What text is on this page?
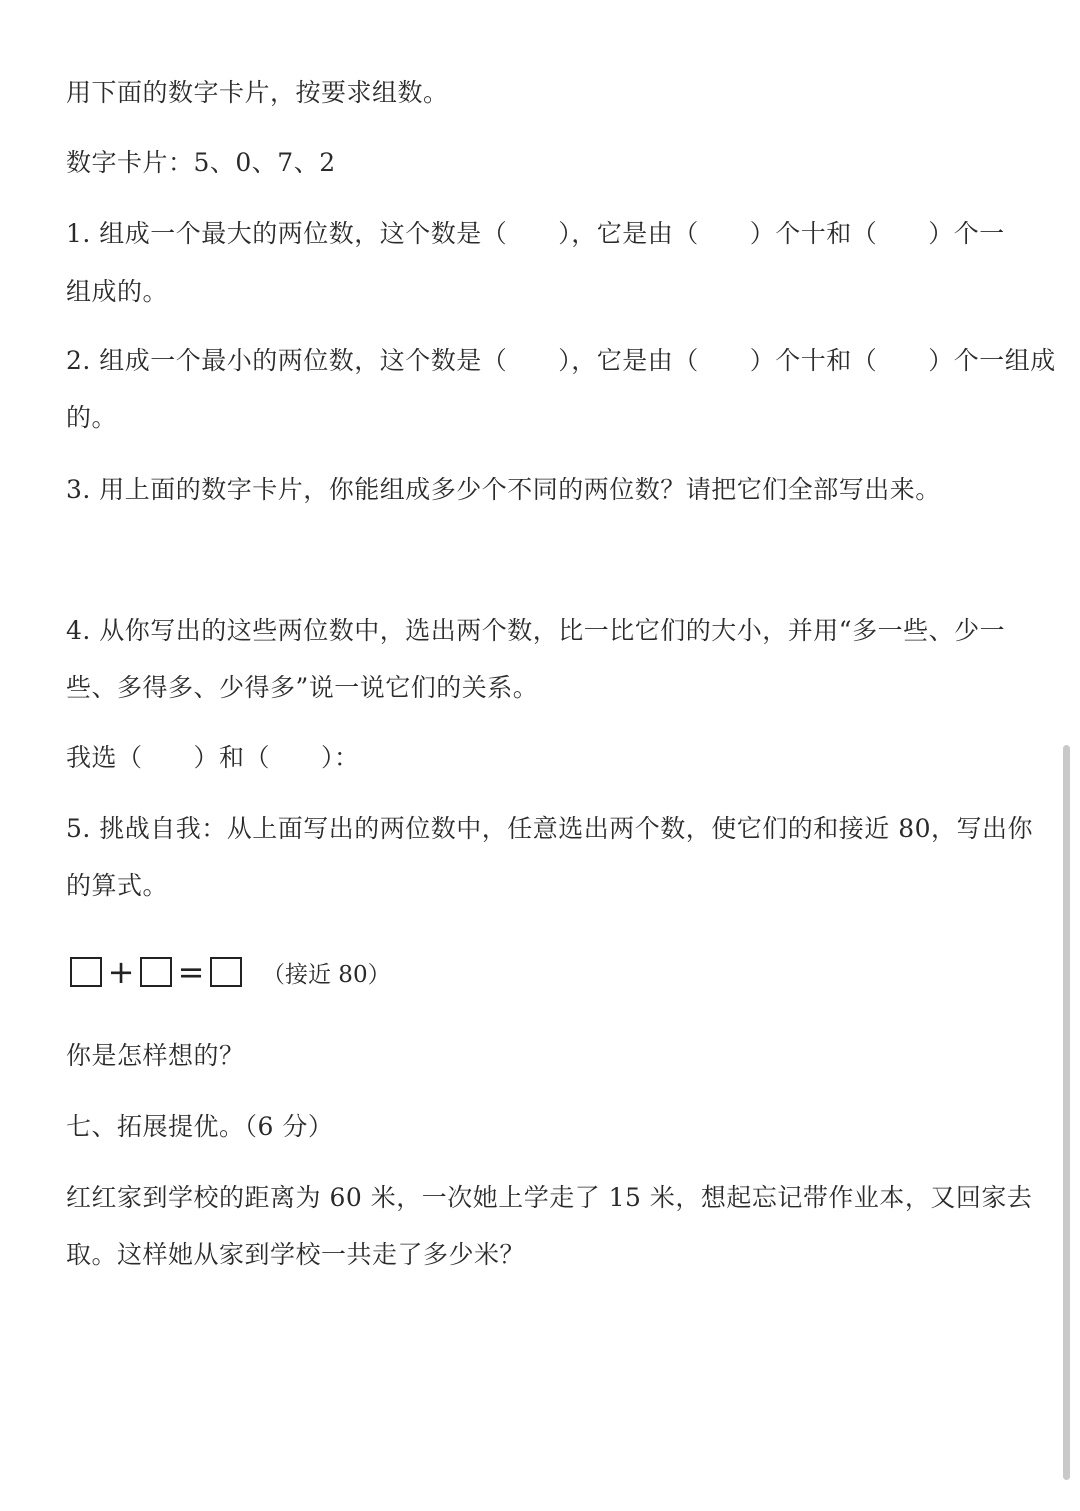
用下面的数字卡片，按要求组数。
数字卡片：5、0、7、2
1. 组成一个最大的两位数，这个数是（　　），它是由（　　）个十和（　　）个一
组成的。
2. 组成一个最小的两位数，这个数是（　　），它是由（　　）个十和（　　）个一组成
的。
3. 用上面的数字卡片，你能组成多少个不同的两位数？请把它们全部写出来。
4. 从你写出的这些两位数中，选出两个数，比一比它们的大小，并用“多一些、少一
些、多得多、少得多”说一说它们的关系。
我选（　　）和（　　）：
5. 挑战自我：从上面写出的两位数中，任意选出两个数，使它们的和接近 80，写出你
的算式。
+ =	（接近 80）
你是怎样想的？
七、拓展提优。（6 分）
红红家到学校的距离为 60 米，一次她上学走了 15 米，想起忘记带作业本，又回家去
取。这样她从家到学校一共走了多少米？
